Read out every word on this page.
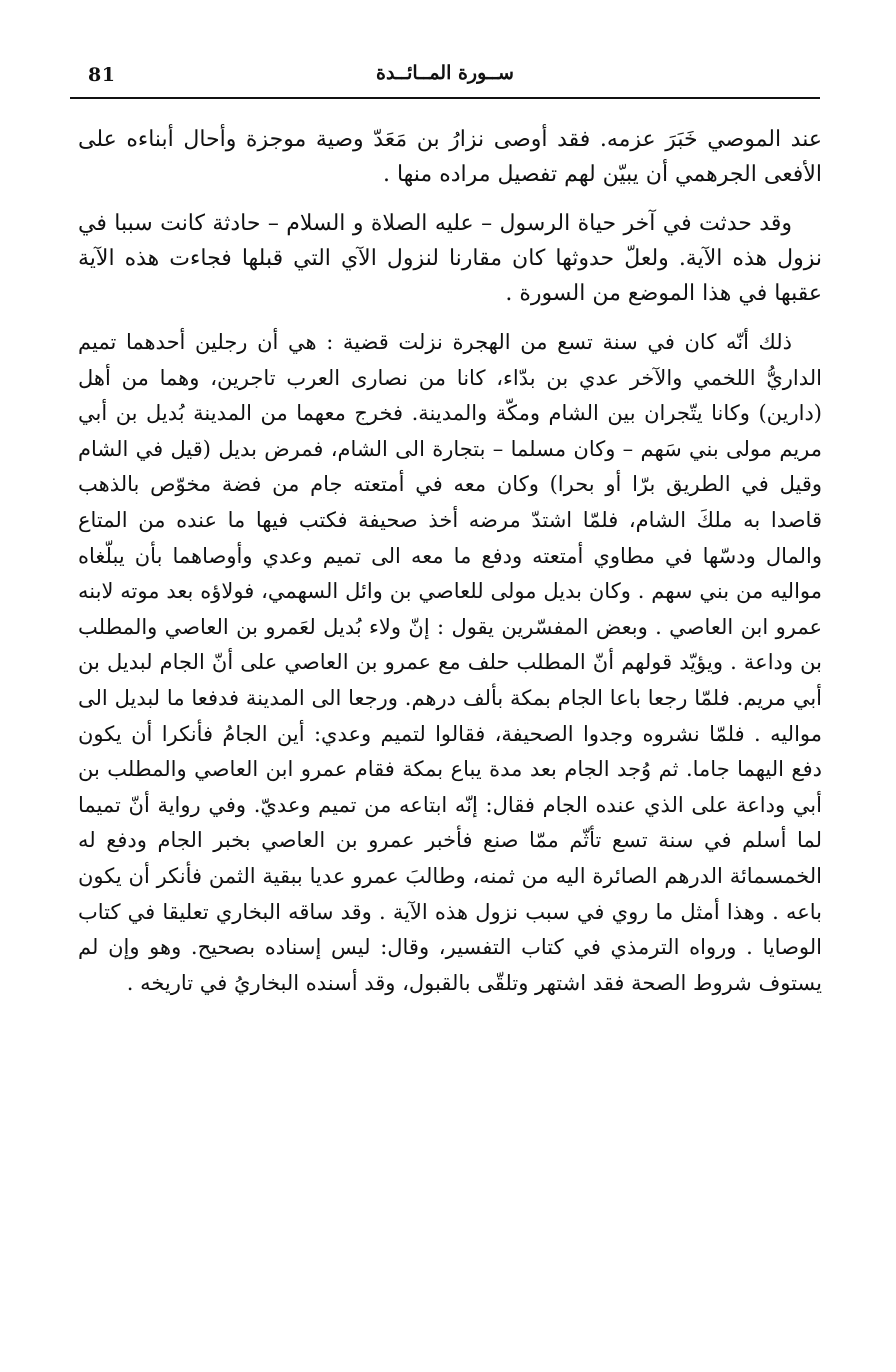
81	ســورة المــائــدة

عند الموصي خَبَرَ عزمه. فقد أوصى نزارُ بن مَعَدّ وصية موجزة وأحال أبناءه على الأفعى الجرهمي أن يبيّن لهم تفصيل مراده منها .

وقد حدثت في آخر حياة الرسول – عليه الصلاة و السلام – حادثة كانت سببا في نزول هذه الآية. ولعلّ حدوثها كان مقارنا لنزول الآي التي قبلها فجاءت هذه الآية عقبها في هذا الموضع من السورة .

ذلك أنّه كان في سنة تسع من الهجرة نزلت قضية : هي أن رجلين أحدهما تميم الداريُّ اللخمي والآخر عدي بن بدّاء، كانا من نصارى العرب تاجرين، وهما من أهل (دارين) وكانا يتّجران بين الشام ومكّة والمدينة. فخرج معهما من المدينة بُديل بن أبي مريم مولى بني سَهم – وكان مسلما – بتجارة الى الشام، فمرض بديل (قيل في الشام وقيل في الطريق برّا أو بحرا) وكان معه في أمتعته جام من فضة مخوّص بالذهب قاصدا به ملكَ الشام، فلمّا اشتدّ مرضه أخذ صحيفة فكتب فيها ما عنده من المتاع والمال ودسّها في مطاوي أمتعته ودفع ما معه الى تميم وعدي وأوصاهما بأن يبلّغاه مواليه من بني سهم . وكان بديل مولى للعاصي بن وائل السهمي، فولاؤه بعد موته لابنه عمرو ابن العاصي . وبعض المفسّرين يقول : إنّ ولاء بُديل لعَمرو بن العاصي والمطلب بن وداعة . ويؤيّد قولهم أنّ المطلب حلف مع عمرو بن العاصي على أنّ الجام لبديل بن أبي مريم. فلمّا رجعا باعا الجام بمكة بألف درهم. ورجعا الى المدينة فدفعا ما لبديل الى مواليه . فلمّا نشروه وجدوا الصحيفة، فقالوا لتميم وعدي: أين الجامُ فأنكرا أن يكون دفع اليهما جاما. ثم وُجد الجام بعد مدة يباع بمكة فقام عمرو ابن العاصي والمطلب بن أبي وداعة على الذي عنده الجام فقال: إنّه ابتاعه من تميم وعديّ. وفي رواية أنّ تميما لما أسلم في سنة تسع تأثّم ممّا صنع فأخبر عمرو بن العاصي بخبر الجام ودفع له الخمسمائة الدرهم الصائرة اليه من ثمنه، وطالبَ عمرو عديا ببقية الثمن فأنكر أن يكون باعه . وهذا أمثل ما روي في سبب نزول هذه الآية . وقد ساقه البخاري تعليقا في كتاب الوصايا . ورواه الترمذي في كتاب التفسير، وقال: ليس إسناده بصحيح. وهو وإن لم يستوف شروط الصحة فقد اشتهر وتلقّى بالقبول، وقد أسنده البخاريُ في تاريخه .
